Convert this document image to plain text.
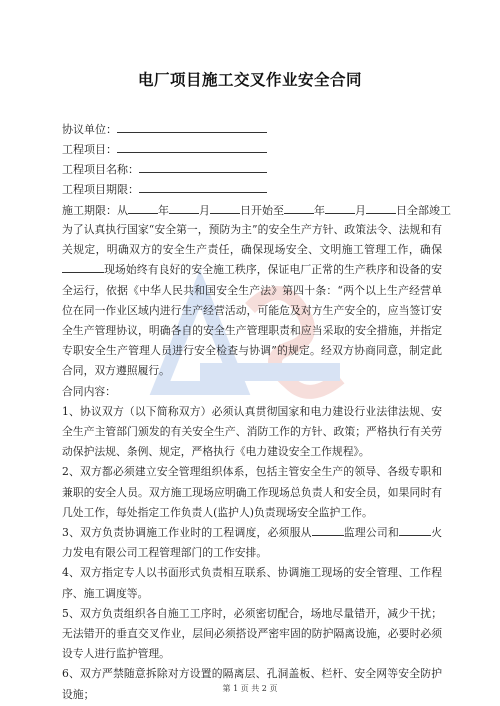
电厂项目施工交叉作业安全合同
协议单位：
工程项目：
工程项目名称：
工程项目期限：
施工期限：从	年	月	日开始至	年	月	日全部竣工

为了认真执行国家“安全第一，预防为主”的安全生产方针、政策法令、法规和有关规定，明确双方的安全生产责任，确保现场安全、文明施工管理工作，确保现场始终有良好的安全施工秩序，保证电厂正常的生产秩序和设备的安全运行，依据《中华人民共和国安全生产法》第四十条：“两个以上生产经营单位在同一作业区域内进行生产经营活动，可能危及对方生产安全的，应当签订安全生产管理协议，明确各自的安全生产管理职责和应当采取的安全措施，并指定专职安全生产管理人员进行安全检查与协调”的规定。经双方协商同意，制定此合同，双方遵照履行。

合同内容：

1、协议双方（以下简称双方）必须认真贯彻国家和电力建设行业法律法规、安全生产主管部门颁发的有关安全生产、消防工作的方针、政策；严格执行有关劳动保护法规、条例、规定，严格执行《电力建设安全工作规程》。

2、双方都必须建立安全管理组织体系，包括主管安全生产的领导、各级专职和兼职的安全人员。双方施工现场应明确工作现场总负责人和安全员，如果同时有几处工作，每处指定工作负责人(监护人)负责现场安全监护工作。

3、双方负责协调施工作业时的工程调度，必须服从	监理公司和	火力发电有限公司工程管理部门的工作安排。

4、双方指定专人以书面形式负责相互联系、协调施工现场的安全管理、工作程序、施工调度等。

5、双方负责组织各自施工工序时，必须密切配合，场地尽量错开，减少干扰；无法错开的垂直交叉作业，层间必须搭设严密牢固的防护隔离设施，必要时必须设专人进行监护管理。

6、双方严禁随意拆除对方设置的隔离层、孔洞盖板、栏杆、安全网等安全防护设施；	第 1 页 共 2 页
